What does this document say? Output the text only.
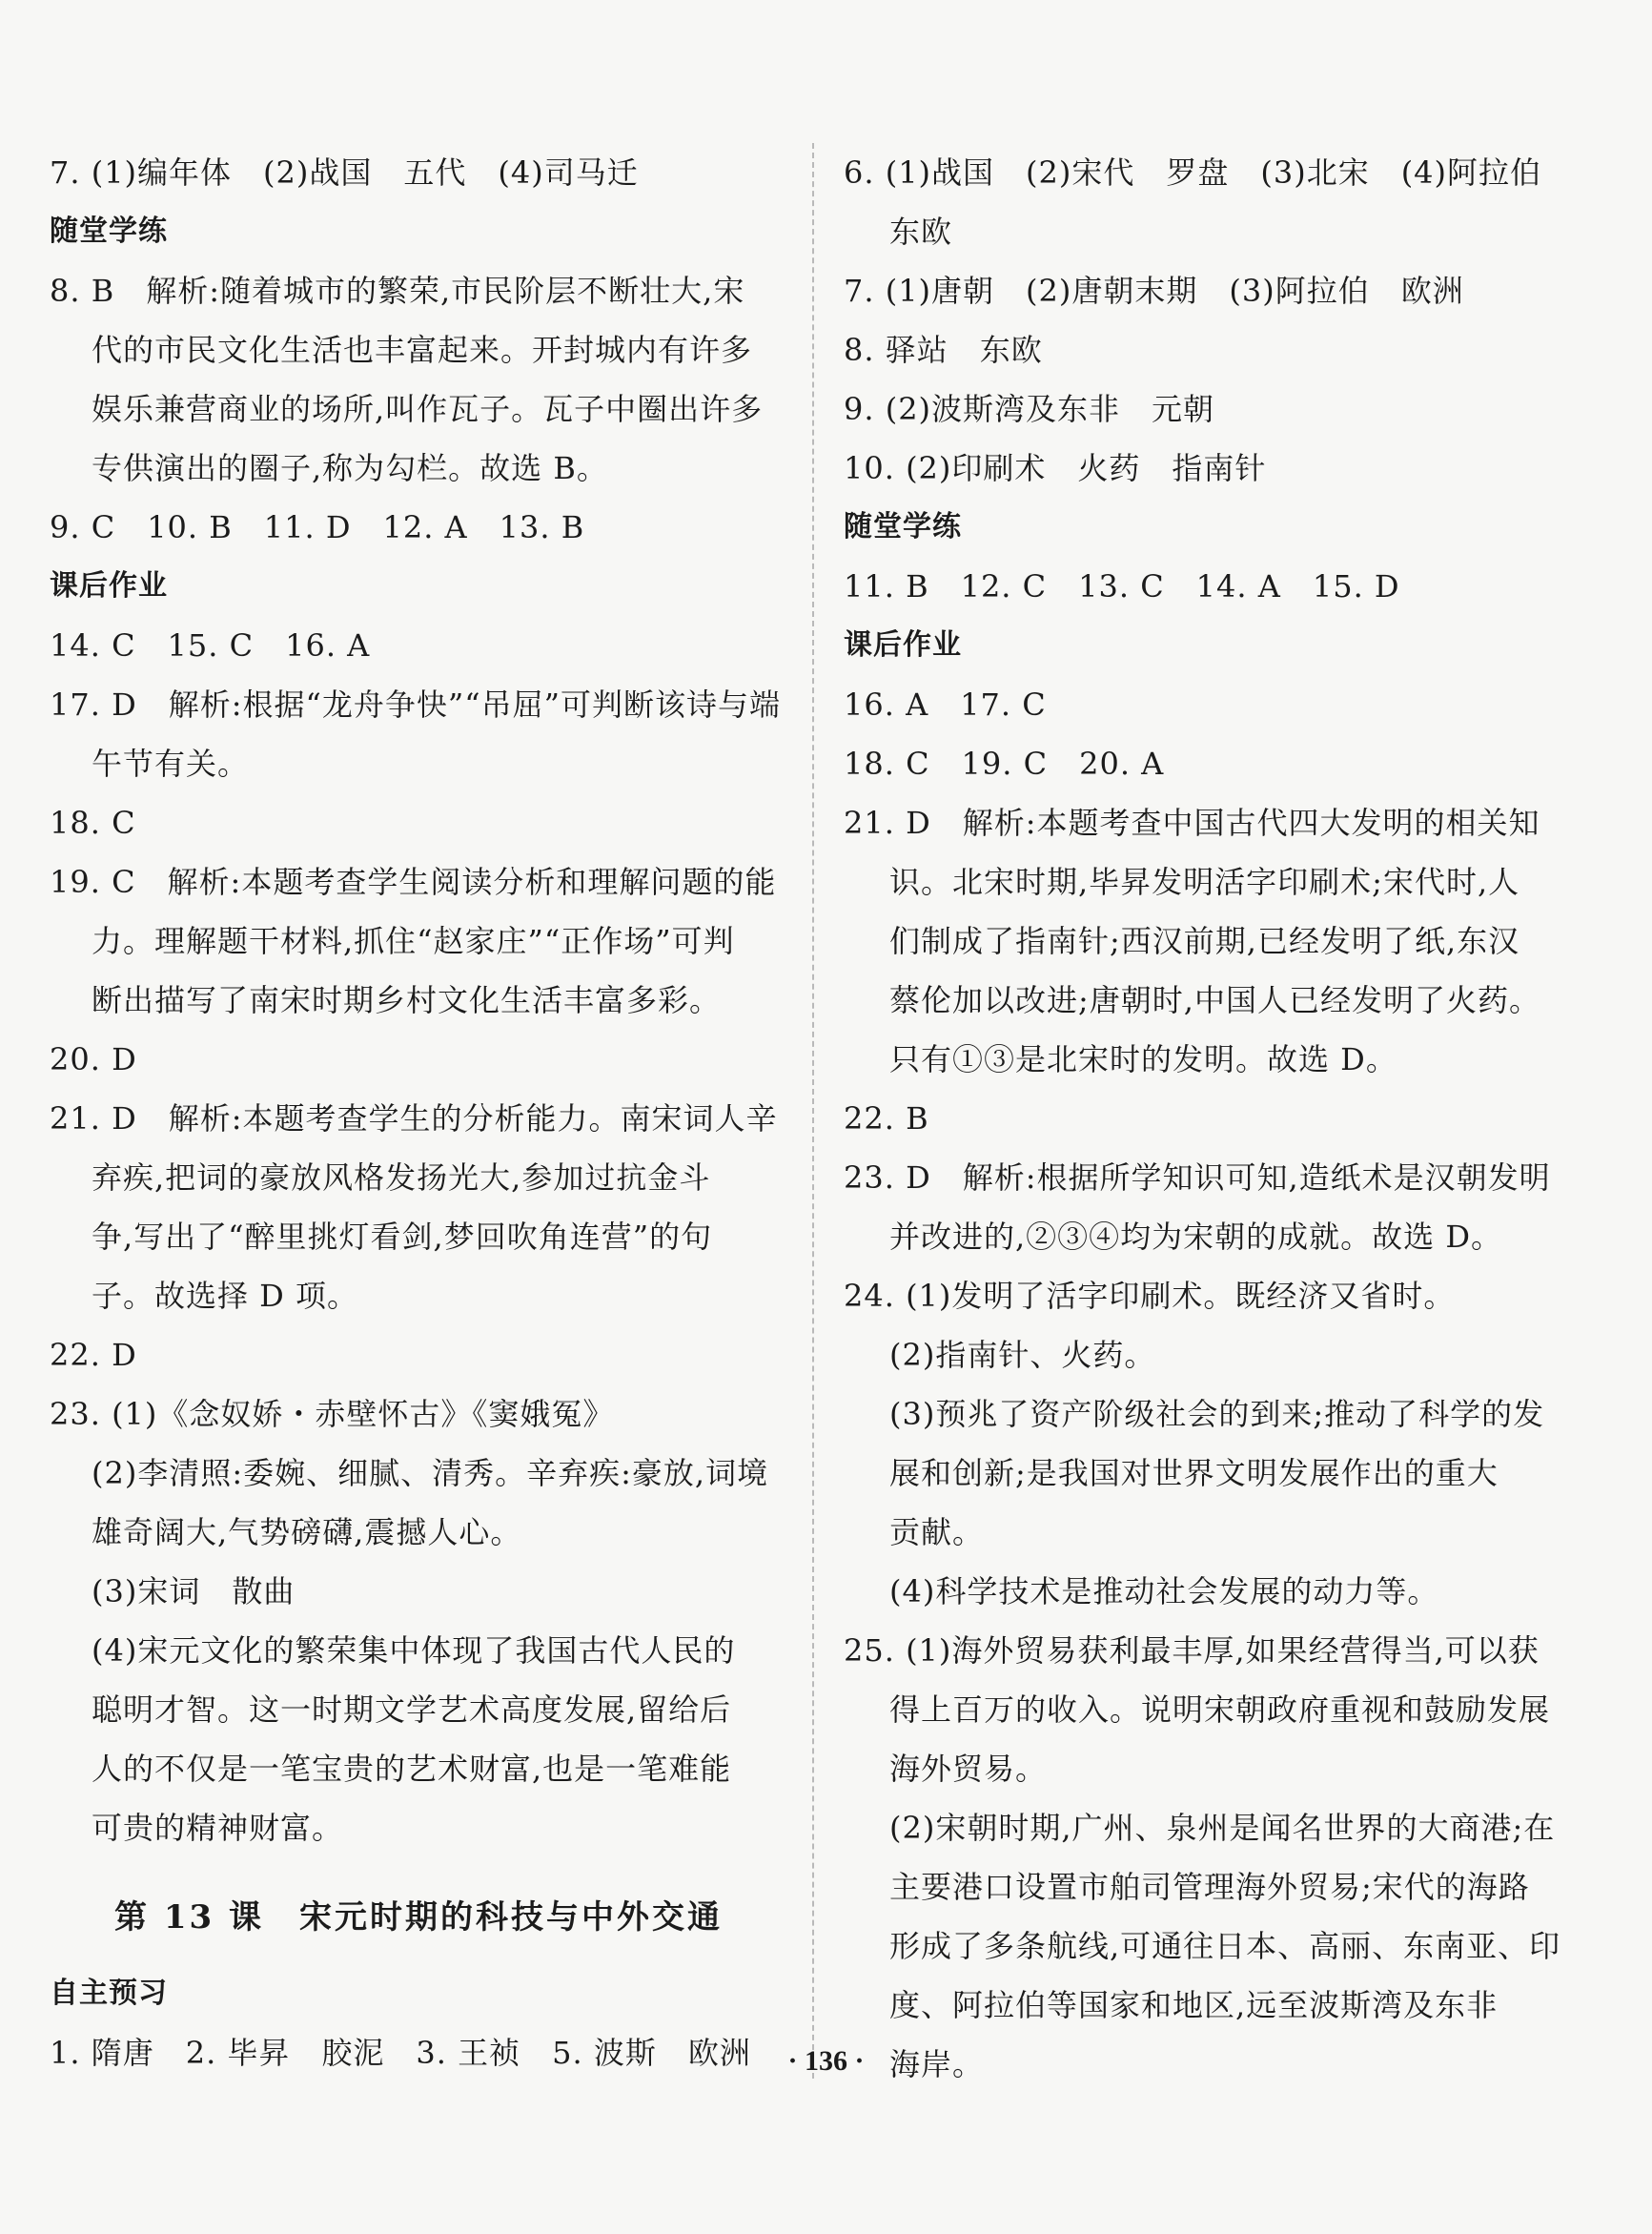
7. (1)编年体　(2)战国　五代　(4)司马迁
随堂学练
8. B　解析:随着城市的繁荣,市民阶层不断壮大,宋
代的市民文化生活也丰富起来。开封城内有许多
娱乐兼营商业的场所,叫作瓦子。瓦子中圈出许多
专供演出的圈子,称为勾栏。故选 B。
9. C　10. B　11. D　12. A　13. B
课后作业
14. C　15. C　16. A
17. D　解析:根据“龙舟争快”“吊屈”可判断该诗与端
午节有关。
18. C
19. C　解析:本题考查学生阅读分析和理解问题的能
力。理解题干材料,抓住“赵家庄”“正作场”可判
断出描写了南宋时期乡村文化生活丰富多彩。
20. D
21. D　解析:本题考查学生的分析能力。南宋词人辛
弃疾,把词的豪放风格发扬光大,参加过抗金斗
争,写出了“醉里挑灯看剑,梦回吹角连营”的句
子。故选择 D 项。
22. D
23. (1)《念奴娇・赤壁怀古》《窦娥冤》
(2)李清照:委婉、细腻、清秀。辛弃疾:豪放,词境
雄奇阔大,气势磅礴,震撼人心。
(3)宋词　散曲
(4)宋元文化的繁荣集中体现了我国古代人民的
聪明才智。这一时期文学艺术高度发展,留给后
人的不仅是一笔宝贵的艺术财富,也是一笔难能
可贵的精神财富。
第 13 课　宋元时期的科技与中外交通
自主预习
1. 隋唐　2. 毕昇　胶泥　3. 王祯　5. 波斯　欧洲
6. (1)战国　(2)宋代　罗盘　(3)北宋　(4)阿拉伯
东欧
7. (1)唐朝　(2)唐朝末期　(3)阿拉伯　欧洲
8. 驿站　东欧
9. (2)波斯湾及东非　元朝
10. (2)印刷术　火药　指南针
随堂学练
11. B　12. C　13. C　14. A　15. D
课后作业
16. A　17. C
18. C　19. C　20. A
21. D　解析:本题考查中国古代四大发明的相关知
识。北宋时期,毕昇发明活字印刷术;宋代时,人
们制成了指南针;西汉前期,已经发明了纸,东汉
蔡伦加以改进;唐朝时,中国人已经发明了火药。
只有①③是北宋时的发明。故选 D。
22. B
23. D　解析:根据所学知识可知,造纸术是汉朝发明
并改进的,②③④均为宋朝的成就。故选 D。
24. (1)发明了活字印刷术。既经济又省时。
(2)指南针、火药。
(3)预兆了资产阶级社会的到来;推动了科学的发
展和创新;是我国对世界文明发展作出的重大
贡献。
(4)科学技术是推动社会发展的动力等。
25. (1)海外贸易获利最丰厚,如果经营得当,可以获
得上百万的收入。说明宋朝政府重视和鼓励发展
海外贸易。
(2)宋朝时期,广州、泉州是闻名世界的大商港;在
主要港口设置市舶司管理海外贸易;宋代的海路
形成了多条航线,可通往日本、高丽、东南亚、印
度、阿拉伯等国家和地区,远至波斯湾及东非
海岸。
· 136 ·
